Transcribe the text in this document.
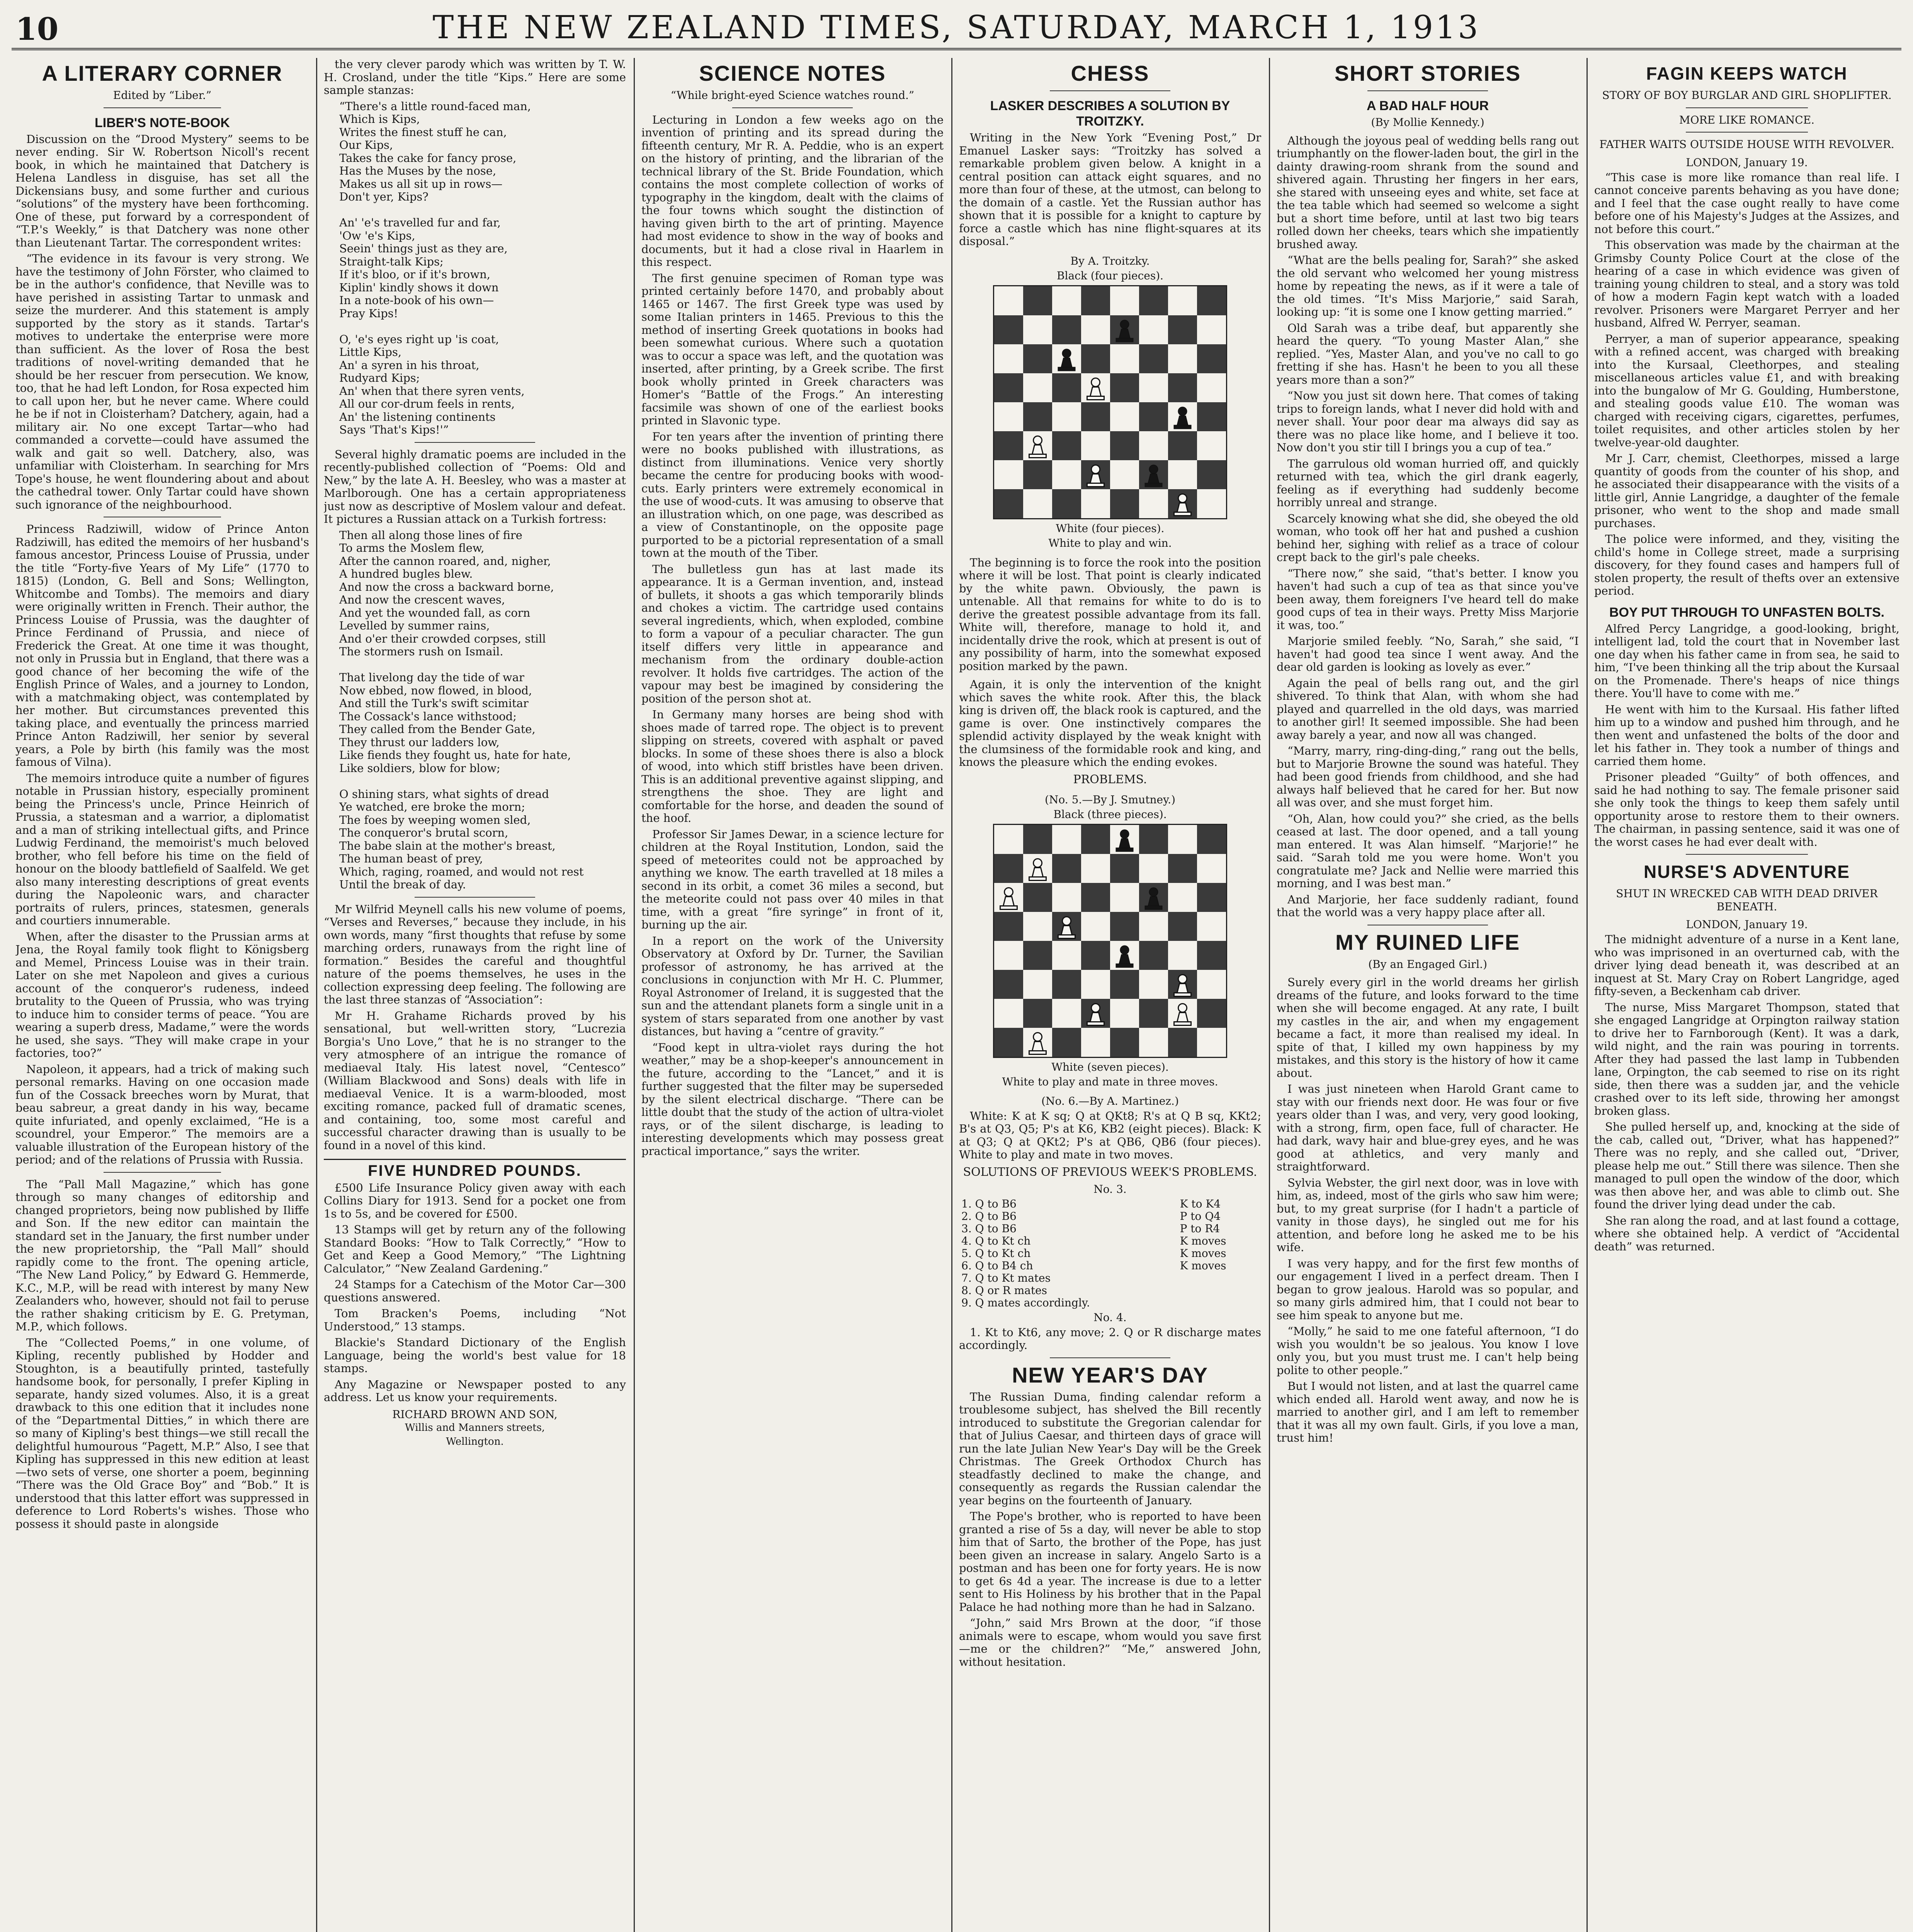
10	THE NEW ZEALAND TIMES, SATURDAY, MARCH 1, 1913
A LITERARY CORNER
Edited by “Liber.”
LIBER'S NOTE-BOOK

Discussion on the “Drood Mystery” seems to be never ending. Sir W. Robertson Nicoll's recent book, in which he maintained that Datchery is Helena Landless in disguise, has set all the Dickensians busy, and some further and curious “solutions” of the mystery have been forthcoming. One of these, put forward by a correspondent of “T.P.'s Weekly,” is that Datchery was none other than Lieutenant Tartar. The correspondent writes:

“The evidence in its favour is very strong. We have the testimony of John Förster, who claimed to be in the author's confidence, that Neville was to have perished in assisting Tartar to unmask and seize the murderer. And this statement is amply supported by the story as it stands. Tartar's motives to undertake the enterprise were more than sufficient. As the lover of Rosa the best traditions of novel-writing demanded that he should be her rescuer from persecution. We know, too, that he had left London, for Rosa expected him to call upon her, but he never came. Where could he be if not in Cloisterham? Datchery, again, had a military air. No one except Tartar—who had commanded a corvette—could have assumed the walk and gait so well. Datchery, also, was unfamiliar with Cloisterham. In searching for Mrs Tope's house, he went floundering about and about the cathedral tower. Only Tartar could have shown such ignorance of the neighbourhood.

Princess Radziwill, widow of Prince Anton Radziwill, has edited the memoirs of her husband's famous ancestor, Princess Louise of Prussia, under the title “Forty-five Years of My Life” (1770 to 1815) (London, G. Bell and Sons; Wellington, Whitcombe and Tombs). The memoirs and diary were originally written in French. Their author, the Princess Louise of Prussia, was the daughter of Prince Ferdinand of Prussia, and niece of Frederick the Great. At one time it was thought, not only in Prussia but in England, that there was a good chance of her becoming the wife of the English Prince of Wales, and a journey to London, with a matchmaking object, was contemplated by her mother. But circumstances prevented this taking place, and eventually the princess married Prince Anton Radziwill, her senior by several years, a Pole by birth (his family was the most famous of Vilna).

The memoirs introduce quite a number of figures notable in Prussian history, especially prominent being the Princess's uncle, Prince Heinrich of Prussia, a statesman and a warrior, a diplomatist and a man of striking intellectual gifts, and Prince Ludwig Ferdinand, the memoirist's much beloved brother, who fell before his time on the field of honour on the bloody battlefield of Saalfeld. We get also many interesting descriptions of great events during the Napoleonic wars, and character portraits of rulers, princes, statesmen, generals and courtiers innumerable.

When, after the disaster to the Prussian arms at Jena, the Royal family took flight to Königsberg and Memel, Princess Louise was in their train. Later on she met Napoleon and gives a curious account of the conqueror's rudeness, indeed brutality to the Queen of Prussia, who was trying to induce him to consider terms of peace. “You are wearing a superb dress, Madame,” were the words he used, she says. “They will make crape in your factories, too?”

Napoleon, it appears, had a trick of making such personal remarks. Having on one occasion made fun of the Cossack breeches worn by Murat, that beau sabreur, a great dandy in his way, became quite infuriated, and openly exclaimed, “He is a scoundrel, your Emperor.” The memoirs are a valuable illustration of the European history of the period; and of the relations of Prussia with Russia.

The “Pall Mall Magazine,” which has gone through so many changes of editorship and changed proprietors, being now published by Iliffe and Son. If the new editor can maintain the standard set in the January, the first number under the new proprietorship, the “Pall Mall” should rapidly come to the front. The opening article, “The New Land Policy,” by Edward G. Hemmerde, K.C., M.P., will be read with interest by many New Zealanders who, however, should not fail to peruse the rather shaking criticism by E. G. Pretyman, M.P., which follows.

The “Collected Poems,” in one volume, of Kipling, recently published by Hodder and Stoughton, is a beautifully printed, tastefully handsome book, for personally, I prefer Kipling in separate, handy sized volumes. Also, it is a great drawback to this one edition that it includes none of the “Departmental Ditties,” in which there are so many of Kipling's best things—we still recall the delightful humourous “Pagett, M.P.” Also, I see that Kipling has suppressed in this new edition at least—two sets of verse, one shorter a poem, beginning “There was the Old Grace Boy” and “Bob.” It is understood that this latter effort was suppressed in deference to Lord Roberts's wishes. Those who possess it should paste in alongside

the very clever parody which was written by T. W. H. Crosland, under the title “Kips.” Here are some sample stanzas:

“There's a little round-faced man,
Which is Kips,
Writes the finest stuff he can,
Our Kips,
Takes the cake for fancy prose,
Has the Muses by the nose,
Makes us all sit up in rows—
Don't yer, Kips?

An' 'e's travelled fur and far,
'Ow 'e's Kips,
Seein' things just as they are,
Straight-talk Kips;
If it's bloo, or if it's brown,
Kiplin' kindly shows it down
In a note-book of his own—
Pray Kips!

O, 'e's eyes right up 'is coat,
Little Kips,
An' a syren in his throat,
Rudyard Kips;
An' when that there syren vents,
All our cor-drum feels in rents,
An' the listening continents
Says 'That's Kips!'”

Several highly dramatic poems are included in the recently-published collection of “Poems: Old and New,” by the late A. H. Beesley, who was a master at Marlborough. One has a certain appropriateness just now as descriptive of Moslem valour and defeat. It pictures a Russian attack on a Turkish fortress:

Then all along those lines of fire
To arms the Moslem flew,
After the cannon roared, and, nigher,
A hundred bugles blew.
And now the cross a backward borne,
And now the crescent waves,
And yet the wounded fall, as corn
Levelled by summer rains,
And o'er their crowded corpses, still
The stormers rush on Ismail.

That livelong day the tide of war
Now ebbed, now flowed, in blood,
And still the Turk's swift scimitar
The Cossack's lance withstood;
They called from the Bender Gate,
They thrust our ladders low,
Like fiends they fought us, hate for hate,
Like soldiers, blow for blow;

O shining stars, what sights of dread
Ye watched, ere broke the morn;
The foes by weeping women sled,
The conqueror's brutal scorn,
The babe slain at the mother's breast,
The human beast of prey,
Which, raging, roamed, and would not rest
Until the break of day.

Mr Wilfrid Meynell calls his new volume of poems, “Verses and Reverses,” because they include, in his own words, many “first thoughts that refuse by some marching orders, runaways from the right line of formation.” Besides the careful and thoughtful nature of the poems themselves, he uses in the collection expressing deep feeling. The following are the last three stanzas of “Association”:

Mr H. Grahame Richards proved by his sensational, but well-written story, “Lucrezia Borgia's Uno Love,” that he is no stranger to the very atmosphere of an intrigue the romance of mediaeval Italy. His latest novel, “Centesco” (William Blackwood and Sons) deals with life in mediaeval Venice. It is a warm-blooded, most exciting romance, packed full of dramatic scenes, and containing, too, some most careful and successful character drawing than is usually to be found in a novel of this kind.

FIVE HUNDRED POUNDS.

£500 Life Insurance Policy given away with each Collins Diary for 1913. Send for a pocket one from 1s to 5s, and be covered for £500.

13 Stamps will get by return any of the following Standard Books: “How to Talk Correctly,” “How to Get and Keep a Good Memory,” “The Lightning Calculator,” “New Zealand Gardening.”

24 Stamps for a Catechism of the Motor Car—300 questions answered.

Tom Bracken's Poems, including “Not Understood,” 13 stamps.

Blackie's Standard Dictionary of the English Language, being the world's best value for 18 stamps.

Any Magazine or Newspaper posted to any address. Let us know your requirements.

RICHARD BROWN AND SON,
Willis and Manners streets,
Wellington.
SCIENCE NOTES
“While bright-eyed Science watches round.”

Lecturing in London a few weeks ago on the invention of printing and its spread during the fifteenth century, Mr R. A. Peddie, who is an expert on the history of printing, and the librarian of the technical library of the St. Bride Foundation, which contains the most complete collection of works of typography in the kingdom, dealt with the claims of the four towns which sought the distinction of having given birth to the art of printing. Mayence had most evidence to show in the way of books and documents, but it had a close rival in Haarlem in this respect.

The first genuine specimen of Roman type was printed certainly before 1470, and probably about 1465 or 1467. The first Greek type was used by some Italian printers in 1465. Previous to this the method of inserting Greek quotations in books had been somewhat curious. Where such a quotation was to occur a space was left, and the quotation was inserted, after printing, by a Greek scribe. The first book wholly printed in Greek characters was Homer's “Battle of the Frogs.” An interesting facsimile was shown of one of the earliest books printed in Slavonic type.

For ten years after the invention of printing there were no books published with illustrations, as distinct from illuminations. Venice very shortly became the centre for producing books with wood-cuts. Early printers were extremely economical in the use of wood-cuts. It was amusing to observe that an illustration which, on one page, was described as a view of Constantinople, on the opposite page purported to be a pictorial representation of a small town at the mouth of the Tiber.

The bulletless gun has at last made its appearance. It is a German invention, and, instead of bullets, it shoots a gas which temporarily blinds and chokes a victim. The cartridge used contains several ingredients, which, when exploded, combine to form a vapour of a peculiar character. The gun itself differs very little in appearance and mechanism from the ordinary double-action revolver. It holds five cartridges. The action of the vapour may best be imagined by considering the position of the person shot at.

In Germany many horses are being shod with shoes made of tarred rope. The object is to prevent slipping on streets, covered with asphalt or paved blocks. In some of these shoes there is also a block of wood, into which stiff bristles have been driven. This is an additional preventive against slipping, and strengthens the shoe. They are light and comfortable for the horse, and deaden the sound of the hoof.

Professor Sir James Dewar, in a science lecture for children at the Royal Institution, London, said the speed of meteorites could not be approached by anything we know. The earth travelled at 18 miles a second in its orbit, a comet 36 miles a second, but the meteorite could not pass over 40 miles in that time, with a great “fire syringe” in front of it, burning up the air.

In a report on the work of the University Observatory at Oxford by Dr. Turner, the Savilian professor of astronomy, he has arrived at the conclusions in conjunction with Mr H. C. Plummer, Royal Astronomer of Ireland, it is suggested that the sun and the attendant planets form a single unit in a system of stars separated from one another by vast distances, but having a “centre of gravity.”

“Food kept in ultra-violet rays during the hot weather,” may be a shop-keeper's announcement in the future, according to the “Lancet,” and it is further suggested that the filter may be superseded by the silent electrical discharge. “There can be little doubt that the study of the action of ultra-violet rays, or of the silent discharge, is leading to interesting developments which may possess great practical importance,” says the writer.

CHESS
LASKER DESCRIBES A SOLUTION BY TROITZKY.

Writing in the New York “Evening Post,” Dr Emanuel Lasker says: “Troitzky has solved a remarkable problem given below. A knight in a central position can attack eight squares, and no more than four of these, at the utmost, can belong to the domain of a castle. Yet the Russian author has shown that it is possible for a knight to capture by force a castle which has nine flight-squares at its disposal.”

By A. Troitzky.
Black (four pieces).
White (four pieces).
White to play and win.

The beginning is to force the rook into the position where it will be lost. That point is clearly indicated by the white pawn. Obviously, the pawn is untenable. All that remains for white to do is to derive the greatest possible advantage from its fall. White will, therefore, manage to hold it, and incidentally drive the rook, which at present is out of any possibility of harm, into the somewhat exposed position marked by the pawn.

Again, it is only the intervention of the knight which saves the white rook. After this, the black king is driven off, the black rook is captured, and the game is over. One instinctively compares the splendid activity displayed by the weak knight with the clumsiness of the formidable rook and king, and knows the pleasure which the ending evokes.

PROBLEMS.
(No. 5.—By J. Smutney.)
Black (three pieces).
White (seven pieces).
White to play and mate in three moves.
(No. 6.—By A. Martinez.)

White: K at K sq; Q at QKt8; R's at Q B sq, KKt2; B's at Q3, Q5; P's at K6, KB2 (eight pieces). Black: K at Q3; Q at QKt2; P's at QB6, QB6 (four pieces). White to play and mate in two moves.

SOLUTIONS OF PREVIOUS WEEK'S PROBLEMS.
No. 3.
1. Q to B6	K to K4
2. Q to B6	P to Q4
3. Q to B6	P to R4
4. Q to Kt ch	K moves
5. Q to Kt ch	K moves
6. Q to B4 ch	K moves
7. Q to Kt mates	
8. Q or R mates	
9. Q mates accordingly.	
No. 4.

1. Kt to Kt6, any move; 2. Q or R discharge mates accordingly.

NEW YEAR'S DAY

The Russian Duma, finding calendar reform a troublesome subject, has shelved the Bill recently introduced to substitute the Gregorian calendar for that of Julius Caesar, and thirteen days of grace will run the late Julian New Year's Day will be the Greek Christmas. The Greek Orthodox Church has steadfastly declined to make the change, and consequently as regards the Russian calendar the year begins on the fourteenth of January.

The Pope's brother, who is reported to have been granted a rise of 5s a day, will never be able to stop him that of Sarto, the brother of the Pope, has just been given an increase in salary. Angelo Sarto is a postman and has been one for forty years. He is now to get 6s 4d a year. The increase is due to a letter sent to His Holiness by his brother that in the Papal Palace he had nothing more than he had in Salzano.

“John,” said Mrs Brown at the door, “if those animals were to escape, whom would you save first—me or the children?” “Me,” answered John, without hesitation.

SHORT STORIES
A BAD HALF HOUR
(By Mollie Kennedy.)

Although the joyous peal of wedding bells rang out triumphantly on the flower-laden bout, the girl in the dainty drawing-room shrank from the sound and shivered again. Thrusting her fingers in her ears, she stared with unseeing eyes and white, set face at the tea table which had seemed so welcome a sight but a short time before, until at last two big tears rolled down her cheeks, tears which she impatiently brushed away.

“What are the bells pealing for, Sarah?” she asked the old servant who welcomed her young mistress home by repeating the news, as if it were a tale of the old times. “It's Miss Marjorie,” said Sarah, looking up: “it is some one I know getting married.”

Old Sarah was a tribe deaf, but apparently she heard the query. “To young Master Alan,” she replied. “Yes, Master Alan, and you've no call to go fretting if she has. Hasn't he been to you all these years more than a son?”

“Now you just sit down here. That comes of taking trips to foreign lands, what I never did hold with and never shall. Your poor dear ma always did say as there was no place like home, and I believe it too. Now don't you stir till I brings you a cup of tea.”

The garrulous old woman hurried off, and quickly returned with tea, which the girl drank eagerly, feeling as if everything had suddenly become horribly unreal and strange.

Scarcely knowing what she did, she obeyed the old woman, who took off her hat and pushed a cushion behind her, sighing with relief as a trace of colour crept back to the girl's pale cheeks.

“There now,” she said, “that's better. I know you haven't had such a cup of tea as that since you've been away, them foreigners I've heard tell do make good cups of tea in their ways. Pretty Miss Marjorie it was, too.”

Marjorie smiled feebly. “No, Sarah,” she said, “I haven't had good tea since I went away. And the dear old garden is looking as lovely as ever.”

Again the peal of bells rang out, and the girl shivered. To think that Alan, with whom she had played and quarrelled in the old days, was married to another girl! It seemed impossible. She had been away barely a year, and now all was changed.

“Marry, marry, ring-ding-ding,” rang out the bells, but to Marjorie Browne the sound was hateful. They had been good friends from childhood, and she had always half believed that he cared for her. But now all was over, and she must forget him.

“Oh, Alan, how could you?” she cried, as the bells ceased at last. The door opened, and a tall young man entered. It was Alan himself. “Marjorie!” he said. “Sarah told me you were home. Won't you congratulate me? Jack and Nellie were married this morning, and I was best man.”

And Marjorie, her face suddenly radiant, found that the world was a very happy place after all.

MY RUINED LIFE
(By an Engaged Girl.)

Surely every girl in the world dreams her girlish dreams of the future, and looks forward to the time when she will become engaged. At any rate, I built my castles in the air, and when my engagement became a fact, it more than realised my ideal. In spite of that, I killed my own happiness by my mistakes, and this story is the history of how it came about.

I was just nineteen when Harold Grant came to stay with our friends next door. He was four or five years older than I was, and very, very good looking, with a strong, firm, open face, full of character. He had dark, wavy hair and blue-grey eyes, and he was good at athletics, and very manly and straightforward.

Sylvia Webster, the girl next door, was in love with him, as, indeed, most of the girls who saw him were; but, to my great surprise (for I hadn't a particle of vanity in those days), he singled out me for his attention, and before long he asked me to be his wife.

I was very happy, and for the first few months of our engagement I lived in a perfect dream. Then I began to grow jealous. Harold was so popular, and so many girls admired him, that I could not bear to see him speak to anyone but me.

“Molly,” he said to me one fateful afternoon, “I do wish you wouldn't be so jealous. You know I love only you, but you must trust me. I can't help being polite to other people.”

But I would not listen, and at last the quarrel came which ended all. Harold went away, and now he is married to another girl, and I am left to remember that it was all my own fault. Girls, if you love a man, trust him!

FAGIN KEEPS WATCH
STORY OF BOY BURGLAR AND GIRL SHOPLIFTER.
MORE LIKE ROMANCE.
FATHER WAITS OUTSIDE HOUSE WITH REVOLVER.
LONDON, January 19.

“This case is more like romance than real life. I cannot conceive parents behaving as you have done; and I feel that the case ought really to have come before one of his Majesty's Judges at the Assizes, and not before this court.”

This observation was made by the chairman at the Grimsby County Police Court at the close of the hearing of a case in which evidence was given of training young children to steal, and a story was told of how a modern Fagin kept watch with a loaded revolver. Prisoners were Margaret Perryer and her husband, Alfred W. Perryer, seaman.

Perryer, a man of superior appearance, speaking with a refined accent, was charged with breaking into the Kursaal, Cleethorpes, and stealing miscellaneous articles value £1, and with breaking into the bungalow of Mr G. Goulding, Humberstone, and stealing goods value £10. The woman was charged with receiving cigars, cigarettes, perfumes, toilet requisites, and other articles stolen by her twelve-year-old daughter.

Mr J. Carr, chemist, Cleethorpes, missed a large quantity of goods from the counter of his shop, and he associated their disappearance with the visits of a little girl, Annie Langridge, a daughter of the female prisoner, who went to the shop and made small purchases.

The police were informed, and they, visiting the child's home in College street, made a surprising discovery, for they found cases and hampers full of stolen property, the result of thefts over an extensive period.

BOY PUT THROUGH TO UNFASTEN BOLTS.

Alfred Percy Langridge, a good-looking, bright, intelligent lad, told the court that in November last one day when his father came in from sea, he said to him, “I've been thinking all the trip about the Kursaal on the Promenade. There's heaps of nice things there. You'll have to come with me.”

He went with him to the Kursaal. His father lifted him up to a window and pushed him through, and he then went and unfastened the bolts of the door and let his father in. They took a number of things and carried them home.

Prisoner pleaded “Guilty” of both offences, and said he had nothing to say. The female prisoner said she only took the things to keep them safely until opportunity arose to restore them to their owners. The chairman, in passing sentence, said it was one of the worst cases he had ever dealt with.

NURSE'S ADVENTURE
SHUT IN WRECKED CAB WITH DEAD DRIVER BENEATH.
LONDON, January 19.

The midnight adventure of a nurse in a Kent lane, who was imprisoned in an overturned cab, with the driver lying dead beneath it, was described at an inquest at St. Mary Cray on Robert Langridge, aged fifty-seven, a Beckenham cab driver.

The nurse, Miss Margaret Thompson, stated that she engaged Langridge at Orpington railway station to drive her to Farnborough (Kent). It was a dark, wild night, and the rain was pouring in torrents. After they had passed the last lamp in Tubbenden lane, Orpington, the cab seemed to rise on its right side, then there was a sudden jar, and the vehicle crashed over to its left side, throwing her amongst broken glass.

She pulled herself up, and, knocking at the side of the cab, called out, “Driver, what has happened?” There was no reply, and she called out, “Driver, please help me out.” Still there was silence. Then she managed to pull open the window of the door, which was then above her, and was able to climb out. She found the driver lying dead under the cab.

She ran along the road, and at last found a cottage, where she obtained help. A verdict of “Accidental death” was returned.
